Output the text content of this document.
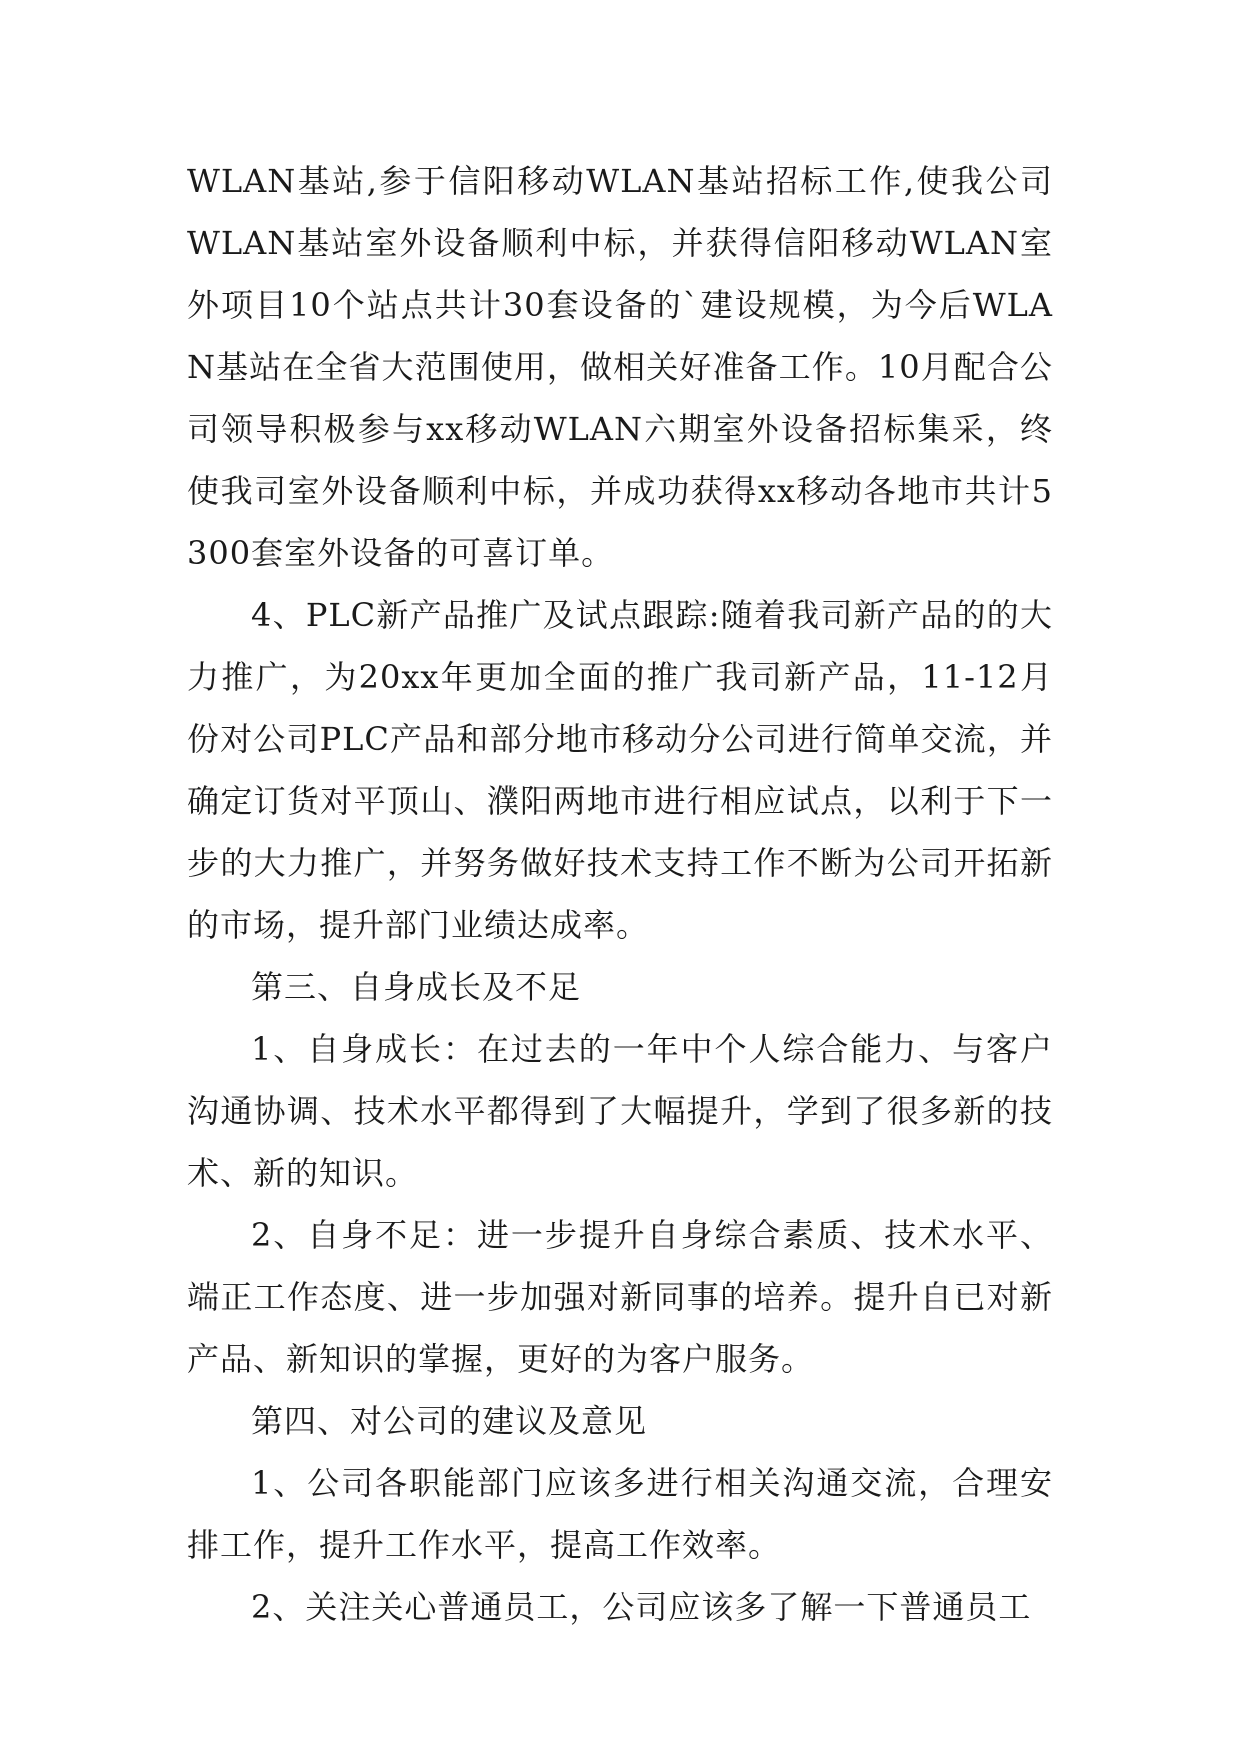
WLAN基站,参于信阳移动WLAN基站招标工作,使我公司WLAN基站室外设备顺利中标，并获得信阳移动WLAN室外项目10个站点共计30套设备的`建设规模，为今后WLAN基站在全省大范围使用，做相关好准备工作。10月配合公司领导积极参与xx移动WLAN六期室外设备招标集采，终使我司室外设备顺利中标，并成功获得xx移动各地市共计5300套室外设备的可喜订单。

4、PLC新产品推广及试点跟踪:随着我司新产品的的大力推广，为20xx年更加全面的推广我司新产品，11-12月份对公司PLC产品和部分地市移动分公司进行简单交流，并确定订货对平顶山、濮阳两地市进行相应试点，以利于下一步的大力推广，并努务做好技术支持工作不断为公司开拓新的市场，提升部门业绩达成率。

第三、自身成长及不足

1、自身成长：在过去的一年中个人综合能力、与客户沟通协调、技术水平都得到了大幅提升，学到了很多新的技术、新的知识。

2、自身不足：进一步提升自身综合素质、技术水平、端正工作态度、进一步加强对新同事的培养。提升自已对新产品、新知识的掌握，更好的为客户服务。

第四、对公司的建议及意见

1、公司各职能部门应该多进行相关沟通交流，合理安排工作，提升工作水平，提高工作效率。

2、关注关心普通员工，公司应该多了解一下普通员工
